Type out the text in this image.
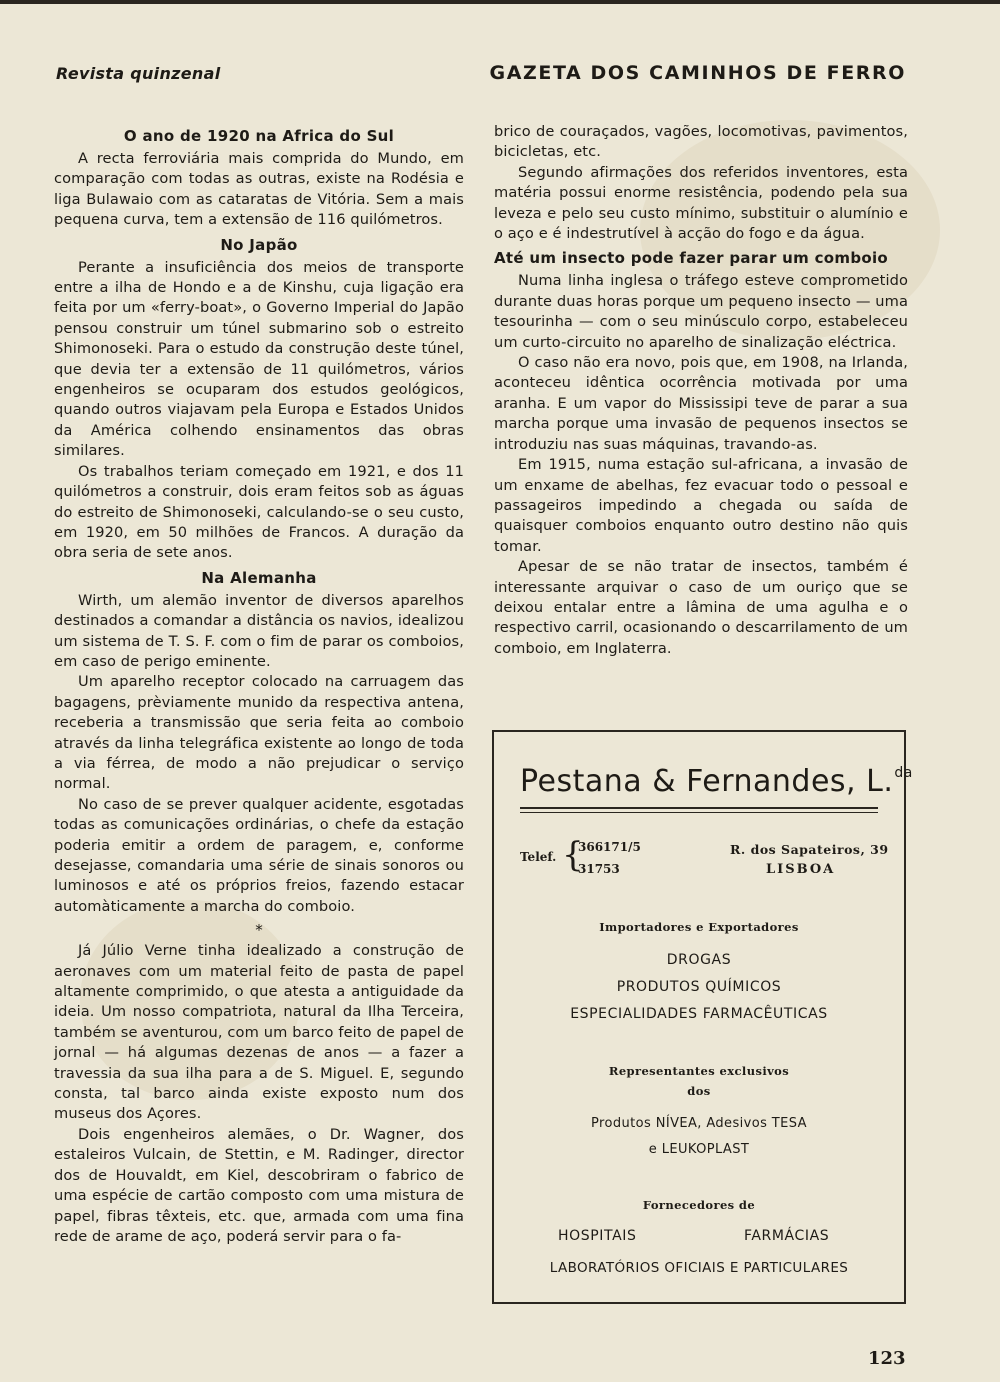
Revista quinzenal	GAZETA DOS CAMINHOS DE FERRO
O ano de 1920 na Africa do Sul

A recta ferroviária mais comprida do Mundo, em comparação com todas as outras, existe na Rodésia e liga Bulawaio com as cataratas de Vitória. Sem a mais pequena curva, tem a extensão de 116 quilómetros.

No Japão

Perante a insuficiência dos meios de transporte entre a ilha de Hondo e a de Kinshu, cuja ligação era feita por um «ferry-boat», o Governo Imperial do Japão pensou construir um túnel submarino sob o estreito Shimonoseki. Para o estudo da construção deste túnel, que devia ter a extensão de 11 quilómetros, vários engenheiros se ocuparam dos estudos geológicos, quando outros viajavam pela Europa e Estados Unidos da América colhendo ensinamentos das obras similares.

Os trabalhos teriam começado em 1921, e dos 11 quilómetros a construir, dois eram feitos sob as águas do estreito de Shimonoseki, calculando-se o seu custo, em 1920, em 50 milhões de Francos. A duração da obra seria de sete anos.

Na Alemanha

Wirth, um alemão inventor de diversos aparelhos destinados a comandar a distância os navios, idealizou um sistema de T. S. F. com o fim de parar os comboios, em caso de perigo eminente.

Um aparelho receptor colocado na carruagem das bagagens, prèviamente munido da respectiva antena, receberia a transmissão que seria feita ao comboio através da linha telegráfica existente ao longo de toda a via férrea, de modo a não prejudicar o serviço normal.

No caso de se prever qualquer acidente, esgotadas todas as comunicações ordinárias, o chefe da estação poderia emitir a ordem de paragem, e, conforme desejasse, comandaria uma série de sinais sonoros ou luminosos e até os próprios freios, fazendo estacar automàticamente a marcha do comboio.

*

Já Júlio Verne tinha idealizado a construção de aeronaves com um material feito de pasta de papel altamente comprimido, o que atesta a antiguidade da ideia. Um nosso compatriota, natural da Ilha Terceira, também se aventurou, com um barco feito de papel de jornal — há algumas dezenas de anos — a fazer a travessia da sua ilha para a de S. Miguel. E, segundo consta, tal barco ainda existe exposto num dos museus dos Açores.

Dois engenheiros alemães, o Dr. Wagner, dos estaleiros Vulcain, de Stettin, e M. Radinger, director dos de Houvaldt, em Kiel, descobriram o fabrico de uma espécie de cartão composto com uma mistura de papel, fibras têxteis, etc. que, armada com uma fina rede de arame de aço, poderá servir para o fa-

brico de couraçados, vagões, locomotivas, pavimentos, bicicletas, etc.

Segundo afirmações dos referidos inventores, esta matéria possui enorme resistência, podendo pela sua leveza e pelo seu custo mínimo, substituir o alumínio e o aço e é indestrutível à acção do fogo e da água.

Até um insecto pode fazer parar um comboio

Numa linha inglesa o tráfego esteve comprometido durante duas horas porque um pequeno insecto — uma tesourinha — com o seu minúsculo corpo, estabeleceu um curto-circuito no aparelho de sinalização eléctrica.

O caso não era novo, pois que, em 1908, na Irlanda, aconteceu idêntica ocorrência motivada por uma aranha. E um vapor do Mississipi teve de parar a sua marcha porque uma invasão de pequenos insectos se introduziu nas suas máquinas, travando-as.

Em 1915, numa estação sul-africana, a invasão de um enxame de abelhas, fez evacuar todo o pessoal e passageiros impedindo a chegada ou saída de quaisquer comboios enquanto outro destino não quis tomar.

Apesar de se não tratar de insectos, também é interessante arquivar o caso de um ouriço que se deixou entalar entre a lâmina de uma agulha e o respectivo carril, ocasionando o descarrilamento de um comboio, em Inglaterra.

Pestana & Fernandes, L.$^{da}$
Telef. {
366171/5
31753
R. dos Sapateiros, 39
LISBOA
Importadores e Exportadores
DROGAS
PRODUTOS QUÍMICOS
ESPECIALIDADES FARMACÊUTICAS
Representantes exclusivos
dos
Produtos NÍVEA, Adesivos TESA
e LEUKOPLAST
Fornecedores de
HOSPITAIS	FARMÁCIAS
LABORATÓRIOS OFICIAIS E PARTICULARES
123
